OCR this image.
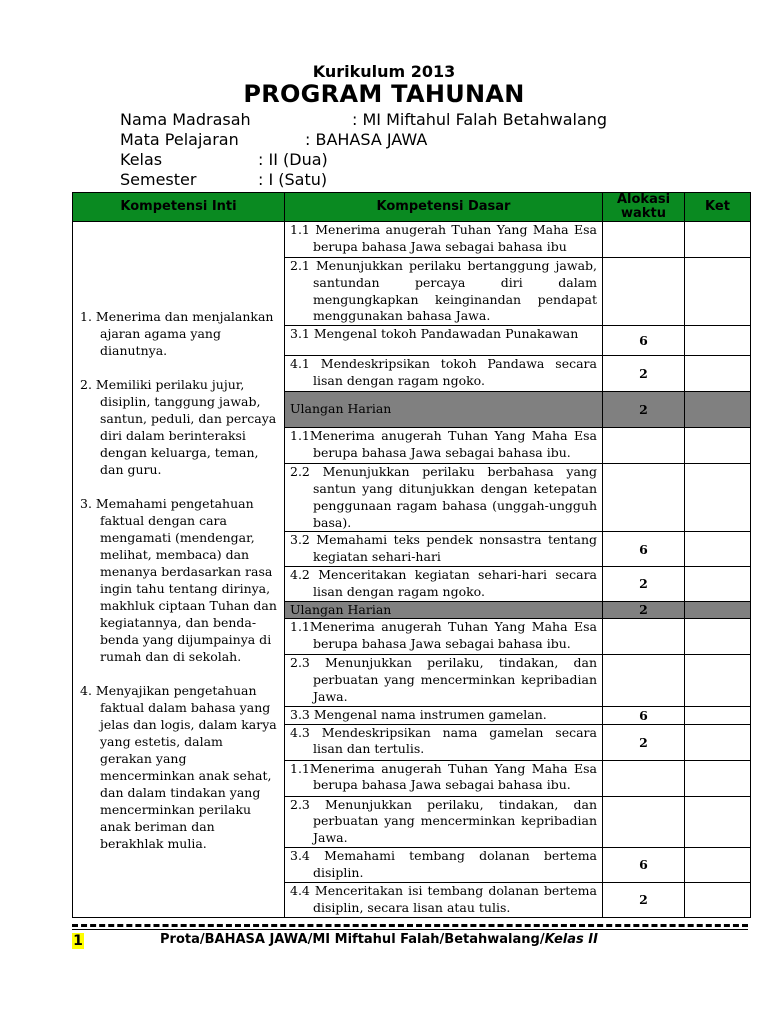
Kurikulum 2013
PROGRAM TAHUNAN
Nama Madrasah	: MI Miftahul Falah Betahwalang
Mata Pelajaran	: BAHASA JAWA
Kelas	: II (Dua)
Semester	: I (Satu)
Kompetensi Inti	Kompetensi Dasar	Alokasi waktu	Ket

1. Menerima dan menjalankan ajaran agama yang dianutnya.
2. Memiliki perilaku jujur, disiplin, tanggung jawab, santun, peduli, dan percaya diri dalam berinteraksi dengan keluarga, teman, dan guru.
3. Memahami pengetahuan faktual dengan cara mengamati (mendengar, melihat, membaca) dan menanya berdasarkan rasa ingin tahu tentang dirinya, makhluk ciptaan Tuhan dan kegiatannya, dan benda-benda yang dijumpainya di rumah dan di sekolah.
4. Menyajikan pengetahuan faktual dalam bahasa yang jelas dan logis, dalam karya yang estetis, dalam gerakan yang mencerminkan anak sehat, dan dalam tindakan yang mencerminkan perilaku anak beriman dan berakhlak mulia.	1.1 Menerima anugerah Tuhan Yang Maha Esa berupa bahasa Jawa sebagai bahasa ibu		

	2.1 Menunjukkan perilaku bertanggung jawab, santundan percaya diri dalam mengungkapkan keinginandan pendapat menggunakan bahasa Jawa.		

	3.1 Mengenal tokoh Pandawadan Punakawan	6	

	4.1 Mendeskripsikan tokoh Pandawa secara lisan dengan ragam ngoko.	2	

	Ulangan Harian	2	

	1.1Menerima anugerah Tuhan Yang Maha Esa berupa bahasa Jawa sebagai bahasa ibu.		

	2.2 Menunjukkan perilaku berbahasa yang santun yang ditunjukkan dengan ketepatan penggunaan ragam bahasa (unggah-ungguh basa).		

	3.2 Memahami teks pendek nonsastra tentang kegiatan sehari-hari	6	

	4.2 Menceritakan kegiatan sehari-hari secara lisan dengan ragam ngoko.	2	

	Ulangan Harian	2	

	1.1Menerima anugerah Tuhan Yang Maha Esa berupa bahasa Jawa sebagai bahasa ibu.		

	2.3 Menunjukkan perilaku, tindakan, dan perbuatan yang mencerminkan kepribadian Jawa.		

	3.3 Mengenal nama instrumen gamelan.	6	

	4.3 Mendeskripsikan nama gamelan secara lisan dan tertulis.	2	

	1.1Menerima anugerah Tuhan Yang Maha Esa berupa bahasa Jawa sebagai bahasa ibu.		

	2.3 Menunjukkan perilaku, tindakan, dan perbuatan yang mencerminkan kepribadian Jawa.		

	3.4 Memahami tembang dolanan bertema disiplin.	6	

	4.4 Menceritakan isi tembang dolanan bertema disiplin, secara lisan atau tulis.	2	
1	Prota/BAHASA JAWA/MI Miftahul Falah/Betahwalang/Kelas II
